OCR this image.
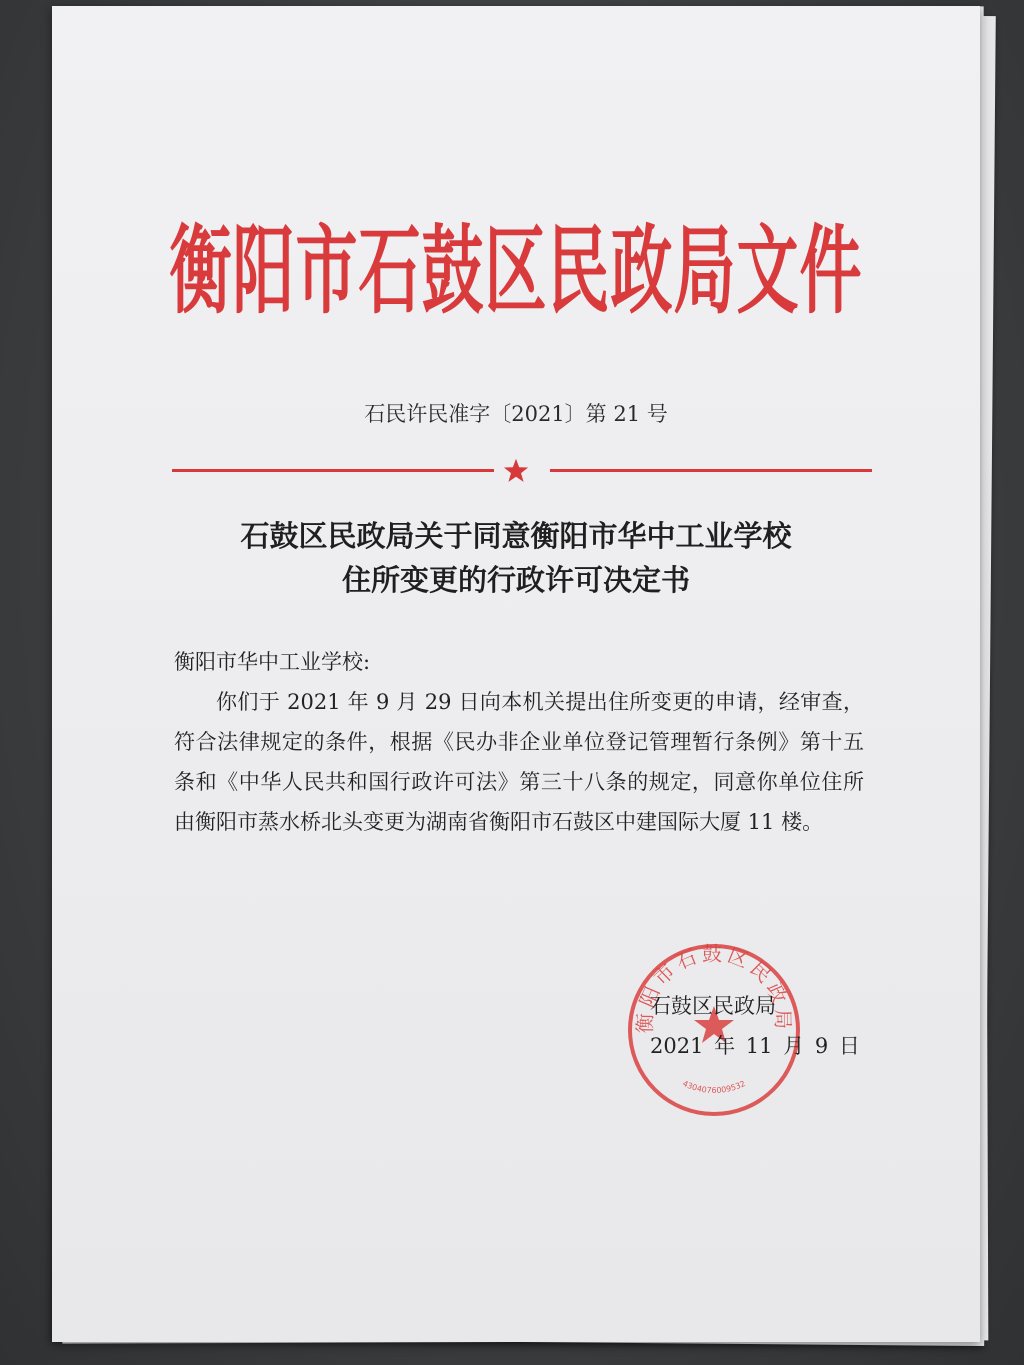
衡阳市石鼓区民政局文件
石民许民准字〔2021〕第 21 号
石鼓区民政局关于同意衡阳市华中工业学校
住所变更的行政许可决定书

衡阳市华中工业学校:

你们于 2021 年 9 月 29 日向本机关提出住所变更的申请，经审查，符合法律规定的条件，根据《民办非企业单位登记管理暂行条例》第十五条和《中华人民共和国行政许可法》第三十八条的规定，同意你单位住所由衡阳市蒸水桥北头变更为湖南省衡阳市石鼓区中建国际大厦 11 楼。

衡阳市石鼓区民政局
4304076009532
石鼓区民政局
2021 年 11 月 9 日
